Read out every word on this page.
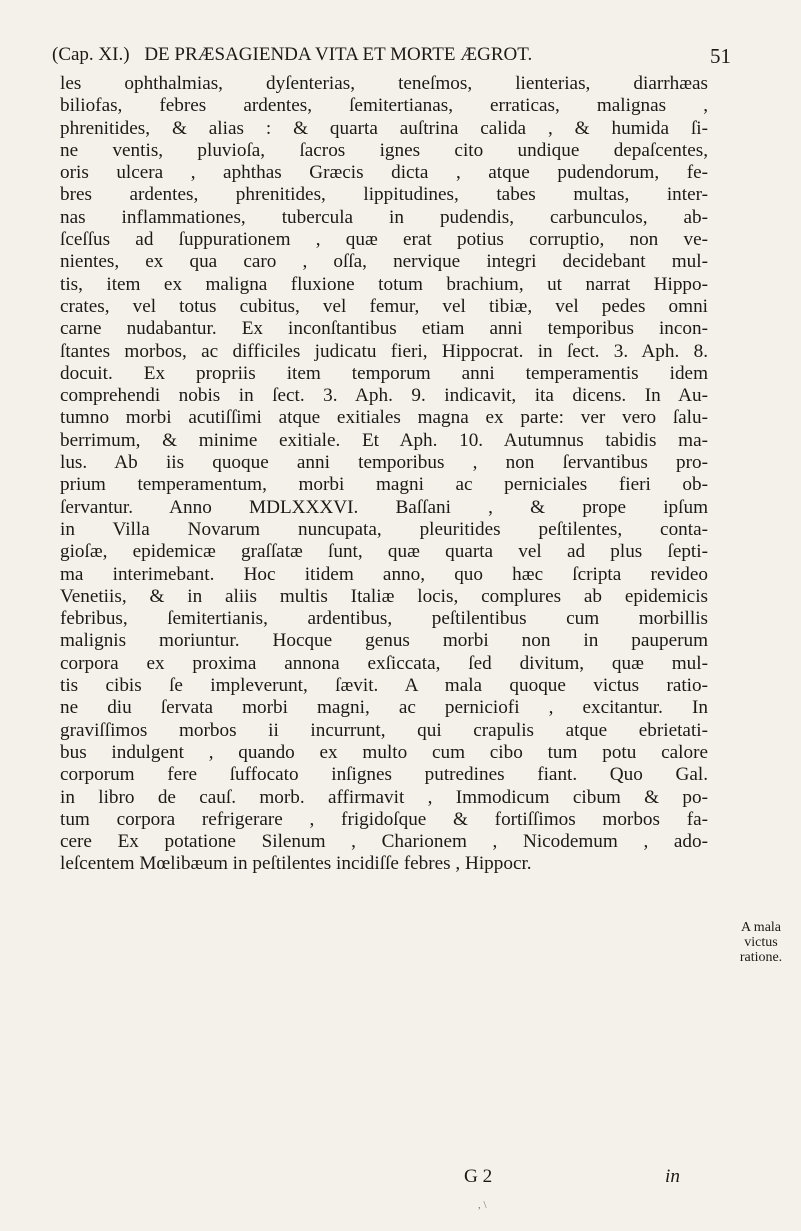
(Cap. XI.) DE PRÆSAGIENDA VITA ET MORTE ÆGROT.	51
les ophthalmias, dyſenterias, teneſmos, lienterias, diarrhæas
biliofas, febres ardentes, ſemitertianas, erraticas, malignas ,
phrenitides, & alias : & quarta auſtrina calida , & humida ſi-
ne ventis, pluvioſa, ſacros ignes cito undique depaſcentes,
oris ulcera , aphthas Græcis dicta , atque pudendorum, fe-
bres ardentes, phrenitides, lippitudines, tabes multas, inter-
nas inflammationes, tubercula in pudendis, carbunculos, ab-
ſceſſus ad ſuppurationem , quæ erat potius corruptio, non ve-
nientes, ex qua caro , oſſa, nervique integri decidebant mul-
tis, item ex maligna fluxione totum brachium, ut narrat Hippo-
crates, vel totus cubitus, vel femur, vel tibiæ, vel pedes omni
carne nudabantur. Ex inconſtantibus etiam anni temporibus incon-
ſtantes morbos, ac difficiles judicatu fieri, Hippocrat. in ſect. 3. Aph. 8.
docuit. Ex propriis item temporum anni temperamentis idem
comprehendi nobis in ſect. 3. Aph. 9. indicavit, ita dicens. In Au-
tumno morbi acutiſſimi atque exitiales magna ex parte: ver vero ſalu-
berrimum, & minime exitiale. Et Aph. 10. Autumnus tabidis ma-
lus. Ab iis quoque anni temporibus , non ſervantibus pro-
prium temperamentum, morbi magni ac perniciales fieri ob-
ſervantur. Anno MDLXXXVI. Baſſani , & prope ipſum
in Villa Novarum nuncupata, pleuritides peſtilentes, conta-
gioſæ, epidemicæ graſſatæ ſunt, quæ quarta vel ad plus ſepti-
ma interimebant. Hoc itidem anno, quo hæc ſcripta revideo
Venetiis, & in aliis multis Italiæ locis, complures ab epidemicis
febribus, ſemitertianis, ardentibus, peſtilentibus cum morbillis
malignis moriuntur. Hocque genus morbi non in pauperum
corpora ex proxima annona exſiccata, ſed divitum, quæ mul-
tis cibis ſe impleverunt, ſævit. A mala quoque victus ratio-
ne diu ſervata morbi magni, ac perniciofi , excitantur. In
graviſſimos morbos ii incurrunt, qui crapulis atque ebrietati-
bus indulgent , quando ex multo cum cibo tum potu calore
corporum fere ſuffocato inſignes putredines fiant. Quo Gal.
in libro de cauſ. morb. affirmavit , Immodicum cibum & po-
tum corpora refrigerare , frigidoſque & fortiſſimos morbos fa-
cere Ex potatione Silenum , Charionem , Nicodemum , ado-
leſcentem Mœlibæum in peſtilentes incidiſſe febres , Hippocr.
A mala
victus
ratione.
G 2	in
, \
